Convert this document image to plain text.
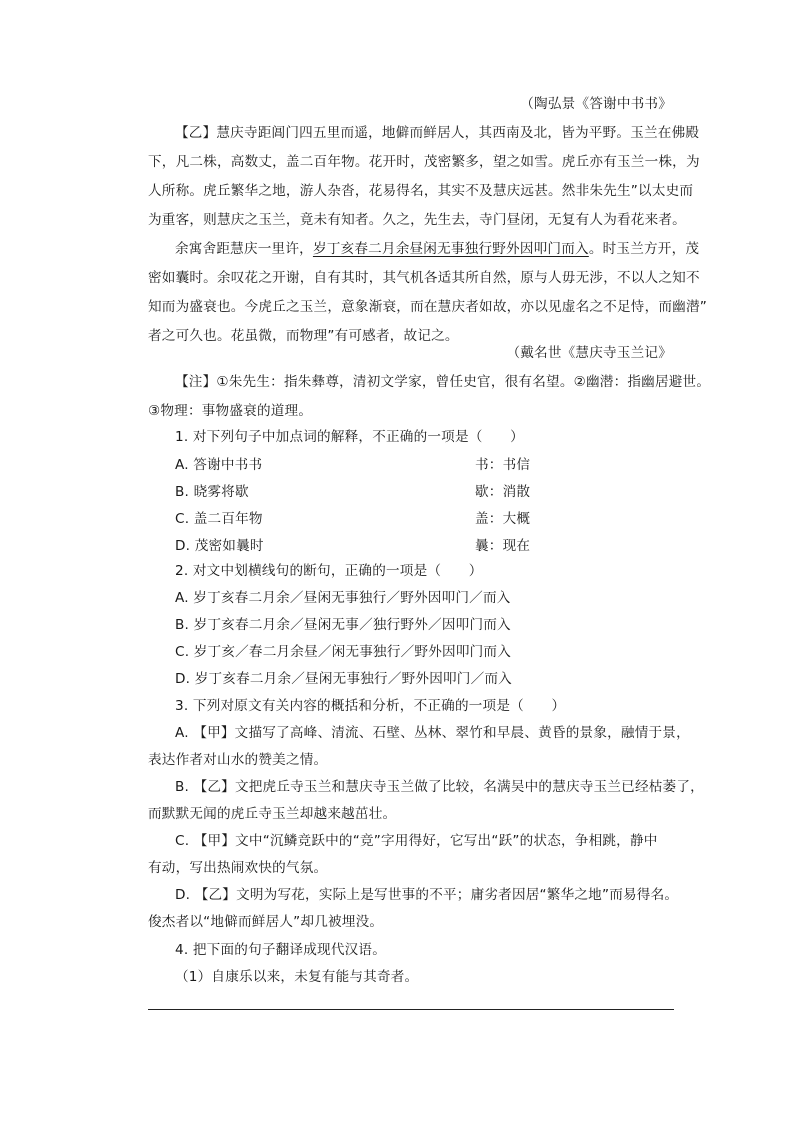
（陶弘景《答谢中书书》
【乙】慧庆寺距阊门四五里而遥，地僻而鲜居人，其西南及北，皆为平野。玉兰在佛殿
下，凡二株，高数丈，盖二百年物。花开时，茂密繁多，望之如雪。虎丘亦有玉兰一株，为
人所称。虎丘繁华之地，游人杂沓，花易得名，其实不及慧庆远甚。然非朱先生”以太史而
为重客，则慧庆之玉兰，竟未有知者。久之，先生去，寺门昼闭，无复有人为看花来者。
余寓舍距慧庆一里许，岁丁亥春二月余昼闲无事独行野外因叩门而入。时玉兰方开，茂
密如囊时。余叹花之开谢，自有其时，其气机各适其所自然，原与人毋无涉，不以人之知不
知而为盛衰也。今虎丘之玉兰，意象渐衰，而在慧庆者如故，亦以见虚名之不足恃，而幽潜”
者之可久也。花虽微，而物理”有可感者，故记之。
（戴名世《慧庆寺玉兰记》
【注】①朱先生：指朱彝尊，清初文学家，曾任史官，很有名望。②幽潜：指幽居避世。
③物理：事物盛衰的道理。
1. 对下列句子中加点词的解释，不正确的一项是（　　）
A. 答谢中书书	书：书信
B. 晓雾将歇	歇：消散
C. 盖二百年物	盖：大概
D. 茂密如曩时	曩：现在
2. 对文中划横线句的断句，正确的一项是（　　）
A. 岁丁亥春二月余／昼闲无事独行／野外因叩门／而入
B. 岁丁亥春二月余／昼闲无事／独行野外／因叩门而入
C. 岁丁亥／春二月余昼／闲无事独行／野外因叩门而入
D. 岁丁亥春二月余／昼闲无事独行／野外因叩门／而入
3. 下列对原文有关内容的概括和分析，不正确的一项是（　　）
A. 【甲】文描写了高峰、清流、石壁、丛林、翠竹和早晨、黄昏的景象，融情于景，
表达作者对山水的赞美之情。
B. 【乙】文把虎丘寺玉兰和慧庆寺玉兰做了比较，名满吴中的慧庆寺玉兰已经枯萎了，
而默默无闻的虎丘寺玉兰却越来越茁壮。
C. 【甲】文中“沉鳞竞跃中的“竞”字用得好，它写出“跃”的状态，争相跳，静中
有动，写出热闹欢快的气氛。
D. 【乙】文明为写花，实际上是写世事的不平；庸劣者因居“繁华之地”而易得名。
俊杰者以“地僻而鲜居人”却几被埋没。
4. 把下面的句子翻译成现代汉语。
（1）自康乐以来，未复有能与其奇者。
